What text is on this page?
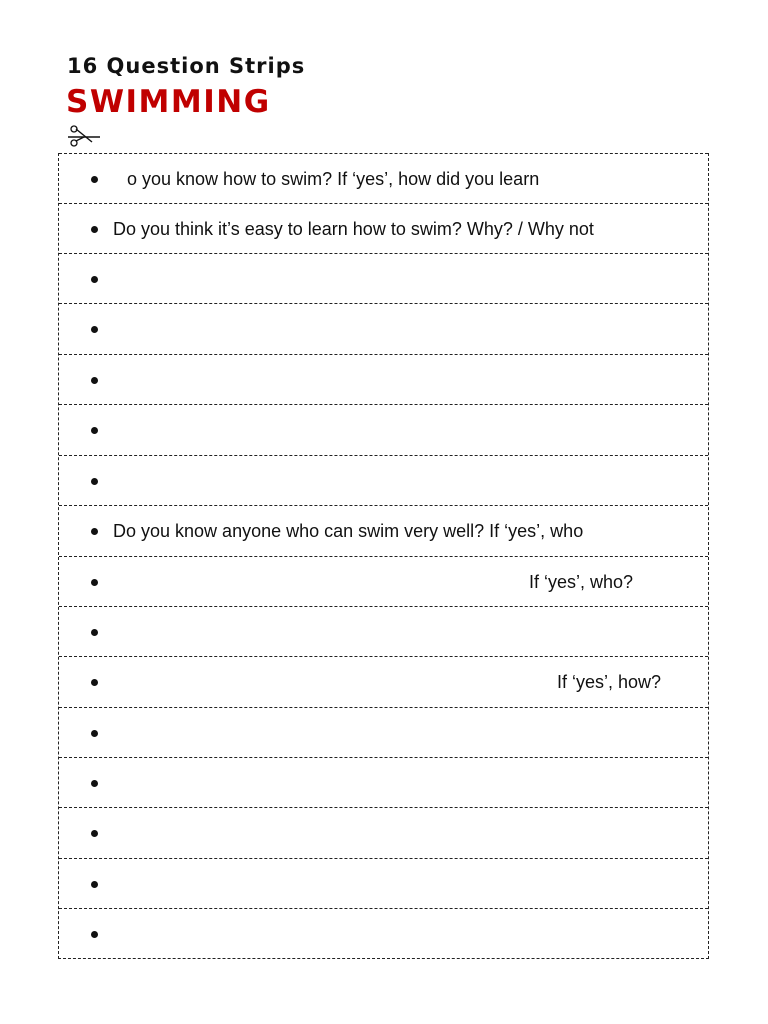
16 Question Strips
SWIMMING
o you know how to swim? If ‘yes’, how did you learn
Do you think it’s easy to learn how to swim? Why? / Why not
Do you know anyone who can swim very well? If ‘yes’, who
If ‘yes’, who?
If ‘yes’, how?
